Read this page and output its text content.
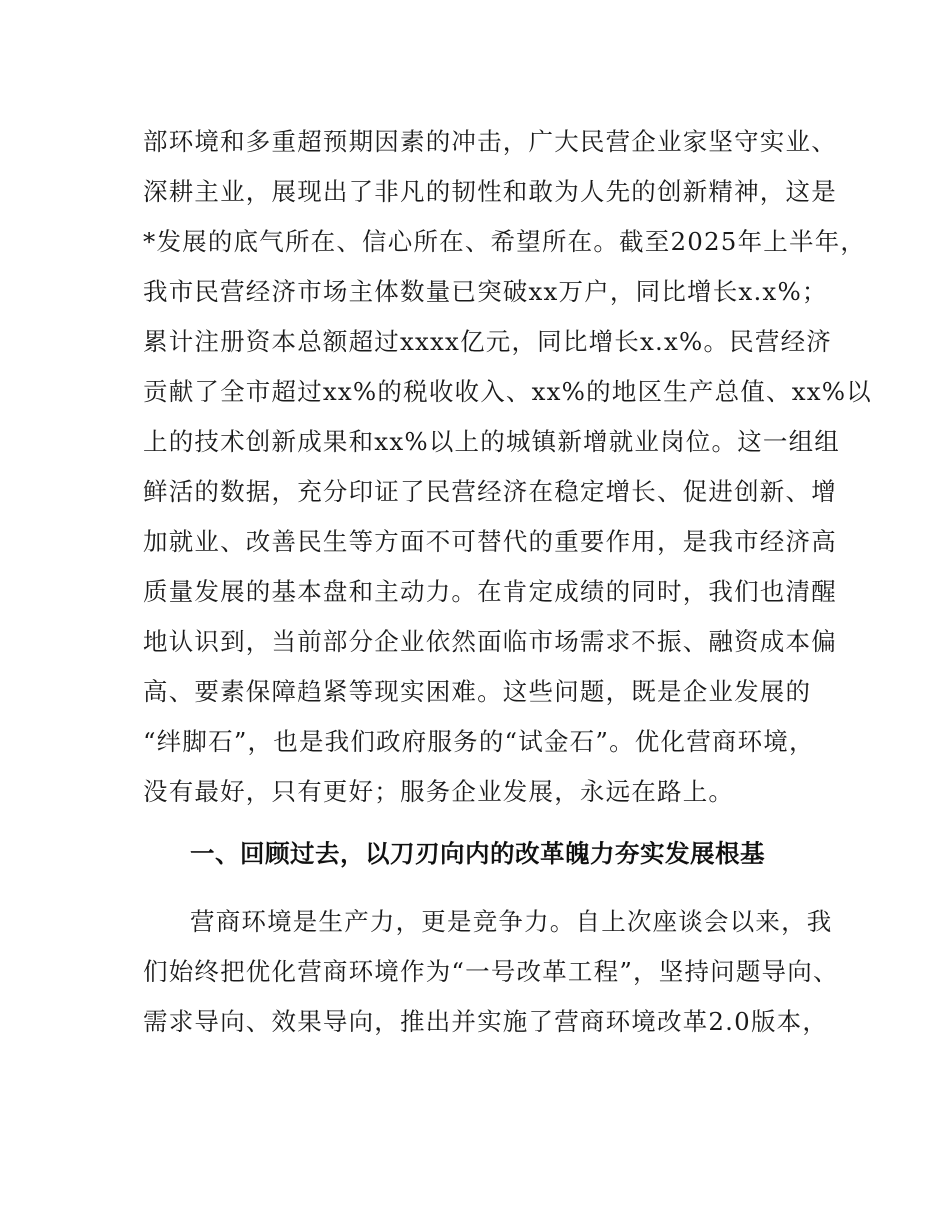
部环境和多重超预期因素的冲击，广大民营企业家坚守实业、
深耕主业，展现出了非凡的韧性和敢为人先的创新精神，这是
*发展的底气所在、信心所在、希望所在。截至2025年上半年，
我市民营经济市场主体数量已突破xx万户，同比增长x.x%；
累计注册资本总额超过xxxx亿元，同比增长x.x%。民营经济
贡献了全市超过xx%的税收收入、xx%的地区生产总值、xx%以
上的技术创新成果和xx%以上的城镇新增就业岗位。这一组组
鲜活的数据，充分印证了民营经济在稳定增长、促进创新、增
加就业、改善民生等方面不可替代的重要作用，是我市经济高
质量发展的基本盘和主动力。在肯定成绩的同时，我们也清醒
地认识到，当前部分企业依然面临市场需求不振、融资成本偏
高、要素保障趋紧等现实困难。这些问题，既是企业发展的
“绊脚石”，也是我们政府服务的“试金石”。优化营商环境，
没有最好，只有更好；服务企业发展，永远在路上。
一、回顾过去，以刀刃向内的改革魄力夯实发展根基
营商环境是生产力，更是竞争力。自上次座谈会以来，我
们始终把优化营商环境作为“一号改革工程”，坚持问题导向、
需求导向、效果导向，推出并实施了营商环境改革2.0版本，
